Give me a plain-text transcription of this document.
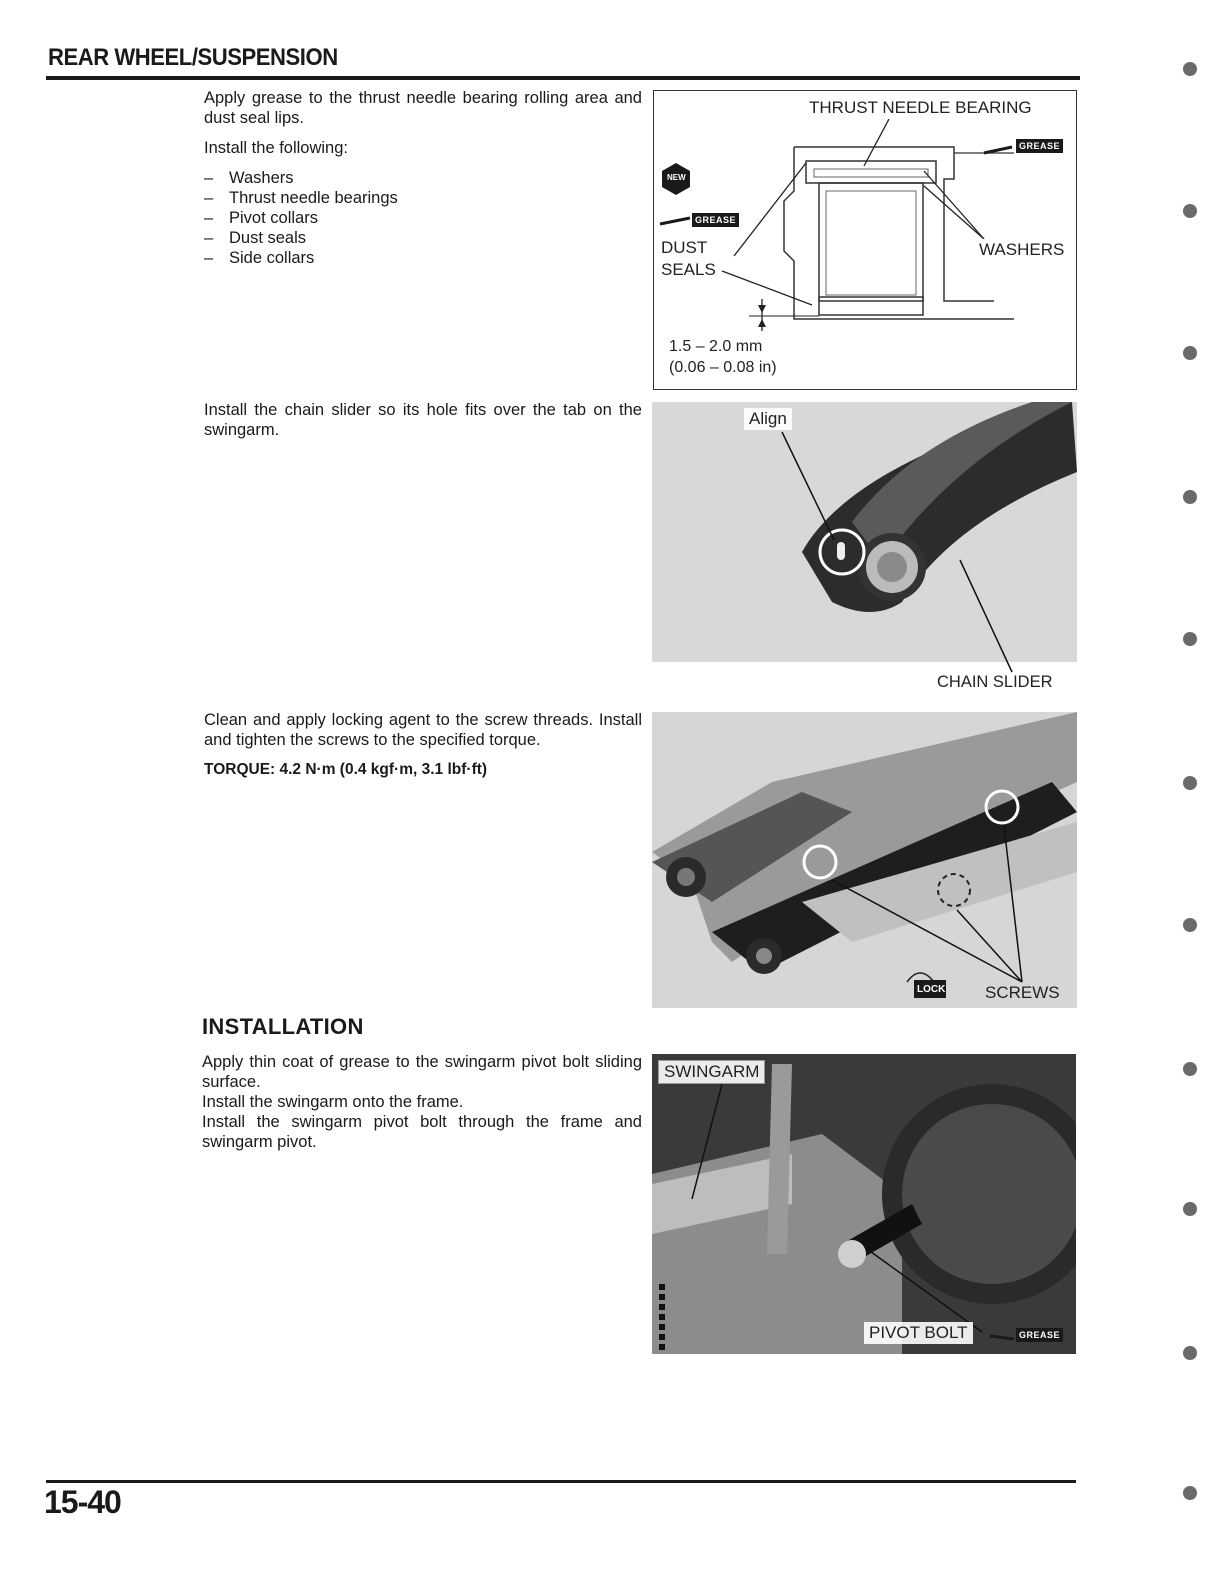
REAR WHEEL/SUSPENSION

Apply grease to the thrust needle bearing rolling area and dust seal lips.

Install the following:

– Washers
– Thrust needle bearings
– Pivot collars
– Dust seals
– Side collars
THRUST NEEDLE BEARING
DUST
SEALS
WASHERS
1.5 – 2.0 mm
(0.06 – 0.08 in)
NEW
GREASE
GREASE

Install the chain slider so its hole fits over the tab on the swingarm.

Align
CHAIN SLIDER

Clean and apply locking agent to the screw threads. Install and tighten the screws to the specified torque.

TORQUE: 4.2 N·m (0.4 kgf·m, 3.1 lbf·ft)
LOCK SCREWS
INSTALLATION
Apply thin coat of grease to the swingarm pivot bolt sliding surface.
Install the swingarm onto the frame.
Install the swingarm pivot bolt through the frame and swingarm pivot.
SWINGARM
PIVOT BOLT	GREASE
15-40
